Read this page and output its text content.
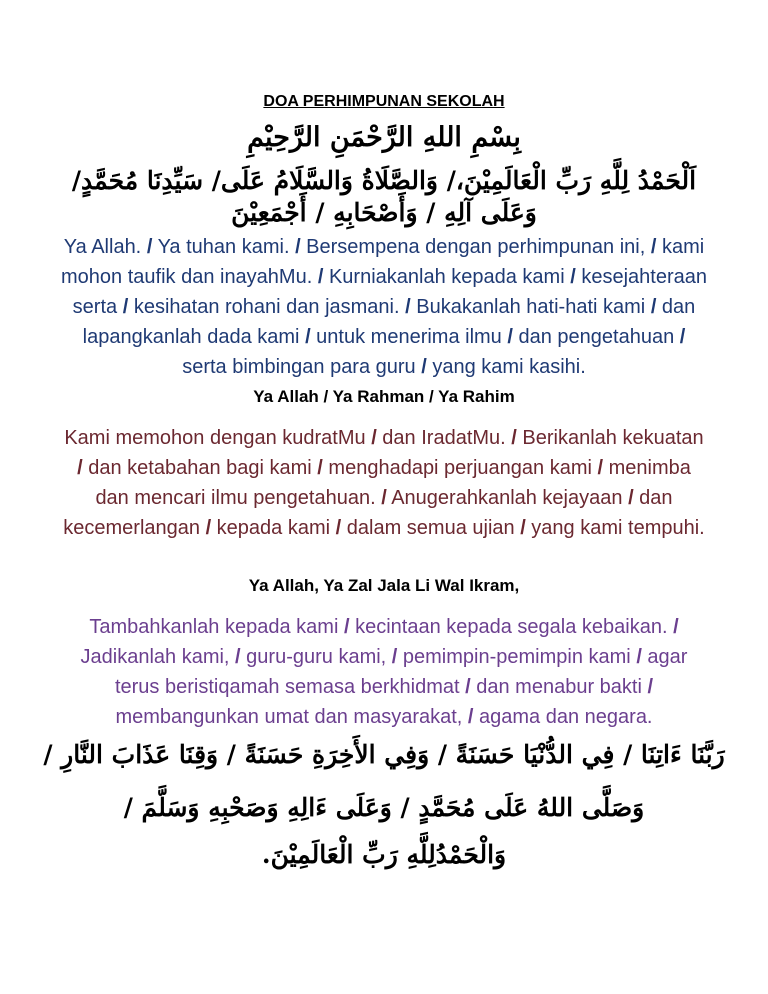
DOA PERHIMPUNAN SEKOLAH
بِسْمِ اللهِ الرَّحْمَنِ الرَّحِيْمِ
اَلْحَمْدُ لِلَّهِ رَبِّ الْعَالَمِيْنَ،/ وَالصَّلَاةُ وَالسَّلَامُ عَلَى/ سَيِّدِنَا مُحَمَّدٍ/
وَعَلَى آلِهِ / وَأَصْحَابِهِ / أَجْمَعِيْنَ
Ya Allah. / Ya tuhan kami. / Bersempena dengan perhimpunan ini, / kami mohon taufik dan inayahMu. / Kurniakanlah kepada kami / kesejahteraan serta / kesihatan rohani dan jasmani. / Bukakanlah hati-hati kami / dan lapangkanlah dada kami / untuk menerima ilmu / dan pengetahuan / serta bimbingan para guru / yang kami kasihi.
Ya Allah / Ya Rahman / Ya Rahim
Kami memohon dengan kudratMu / dan IradatMu. / Berikanlah kekuatan / dan ketabahan bagi kami / menghadapi perjuangan kami / menimba dan mencari ilmu pengetahuan. / Anugerahkanlah kejayaan / dan kecemerlangan / kepada kami / dalam semua ujian / yang kami tempuhi.
Ya Allah, Ya Zal Jala Li Wal Ikram,
Tambahkanlah kepada kami / kecintaan kepada segala kebaikan. / Jadikanlah kami, / guru-guru kami, / pemimpin-pemimpin kami / agar terus beristiqamah semasa berkhidmat / dan menabur bakti / membangunkan umat dan masyarakat, / agama dan negara.
رَبَّنَا ءَاتِنَا / فِي الدُّنْيَا حَسَنَةً / وَفِي الأَخِرَةِ حَسَنَةً / وَقِنَا عَذَابَ النَّارِ /
وَصَلَّى اللهُ عَلَى مُحَمَّدٍ / وَعَلَى ءَالِهِ وَصَحْبِهِ وَسَلَّمَ /
وَالْحَمْدُلِلَّهِ رَبِّ الْعَالَمِيْنَ.
